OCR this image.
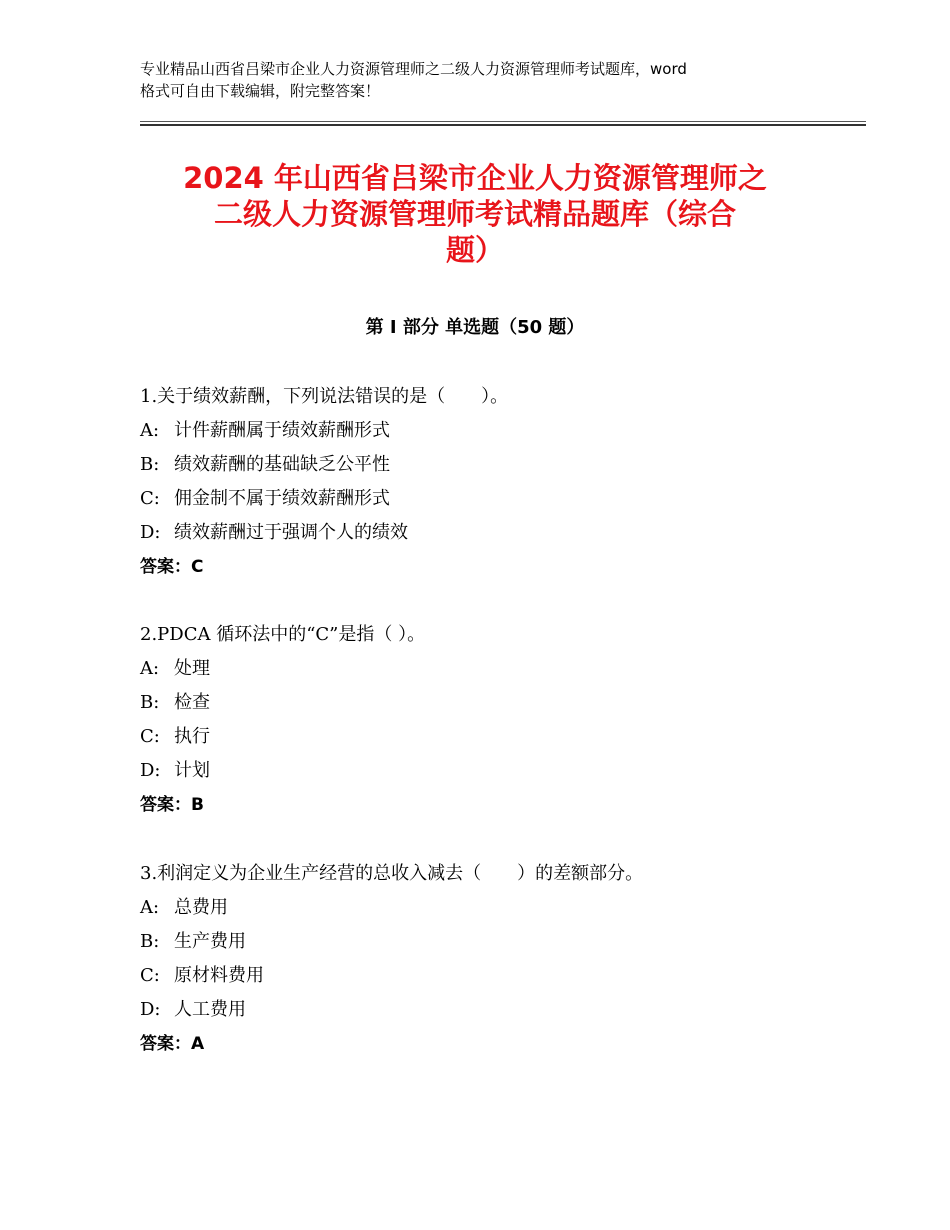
专业精品山西省吕梁市企业人力资源管理师之二级人力资源管理师考试题库，word
格式可自由下载编辑，附完整答案！
2024 年山西省吕梁市企业人力资源管理师之
二级人力资源管理师考试精品题库（综合
题）
第 I 部分 单选题（50 题）
1.关于绩效薪酬，下列说法错误的是（　　）。
A: 计件薪酬属于绩效薪酬形式
B: 绩效薪酬的基础缺乏公平性
C: 佣金制不属于绩效薪酬形式
D: 绩效薪酬过于强调个人的绩效
答案：C
2.PDCA 循环法中的“C”是指（ ）。
A: 处理
B: 检查
C: 执行
D: 计划
答案：B
3.利润定义为企业生产经营的总收入减去（　　）的差额部分。
A: 总费用
B: 生产费用
C: 原材料费用
D: 人工费用
答案：A
